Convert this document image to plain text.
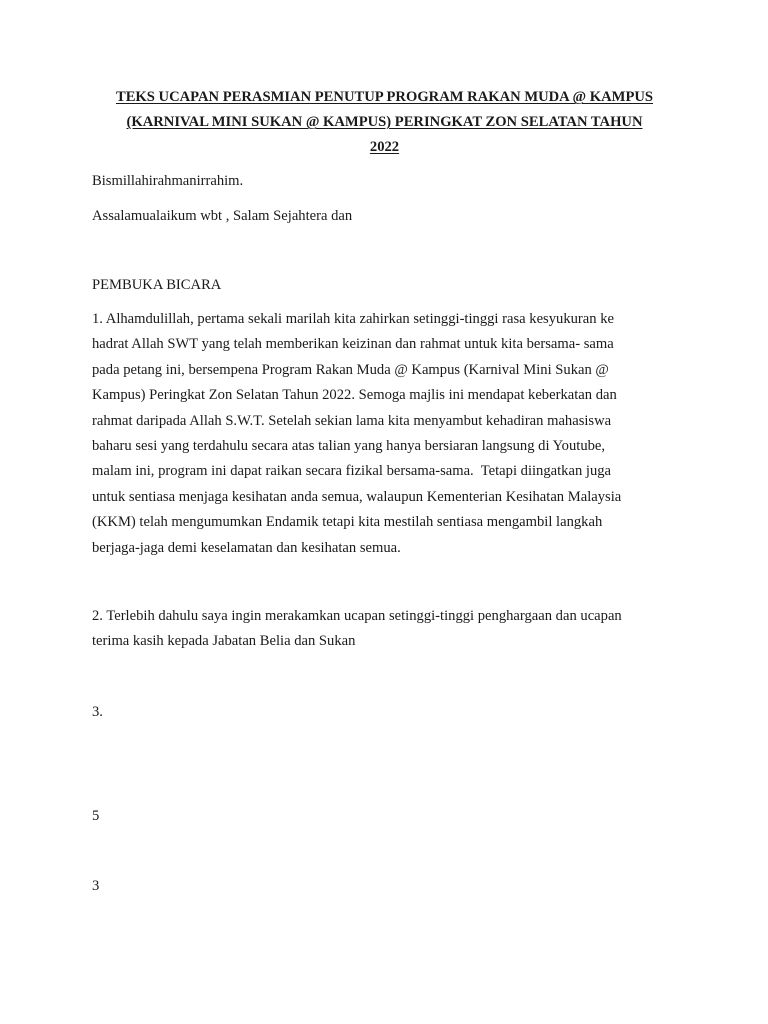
TEKS UCAPAN PERASMIAN PENUTUP PROGRAM RAKAN MUDA @ KAMPUS
(KARNIVAL MINI SUKAN @ KAMPUS) PERINGKAT ZON SELATAN TAHUN
2022
Bismillahirahmanirrahim.
Assalamualaikum wbt , Salam Sejahtera dan
PEMBUKA BICARA
1. Alhamdulillah, pertama sekali marilah kita zahirkan setinggi-tinggi rasa kesyukuran ke
hadrat Allah SWT yang telah memberikan keizinan dan rahmat untuk kita bersama- sama
pada petang ini, bersempena Program Rakan Muda @ Kampus (Karnival Mini Sukan @
Kampus) Peringkat Zon Selatan Tahun 2022. Semoga majlis ini mendapat keberkatan dan
rahmat daripada Allah S.W.T. Setelah sekian lama kita menyambut kehadiran mahasiswa
baharu sesi yang terdahulu secara atas talian yang hanya bersiaran langsung di Youtube,
malam ini, program ini dapat raikan secara fizikal bersama-sama.  Tetapi diingatkan juga
untuk sentiasa menjaga kesihatan anda semua, walaupun Kementerian Kesihatan Malaysia
(KKM) telah mengumumkan Endamik tetapi kita mestilah sentiasa mengambil langkah
berjaga-jaga demi keselamatan dan kesihatan semua.
2. Terlebih dahulu saya ingin merakamkan ucapan setinggi-tinggi penghargaan dan ucapan
terima kasih kepada Jabatan Belia dan Sukan
3.
5
3
